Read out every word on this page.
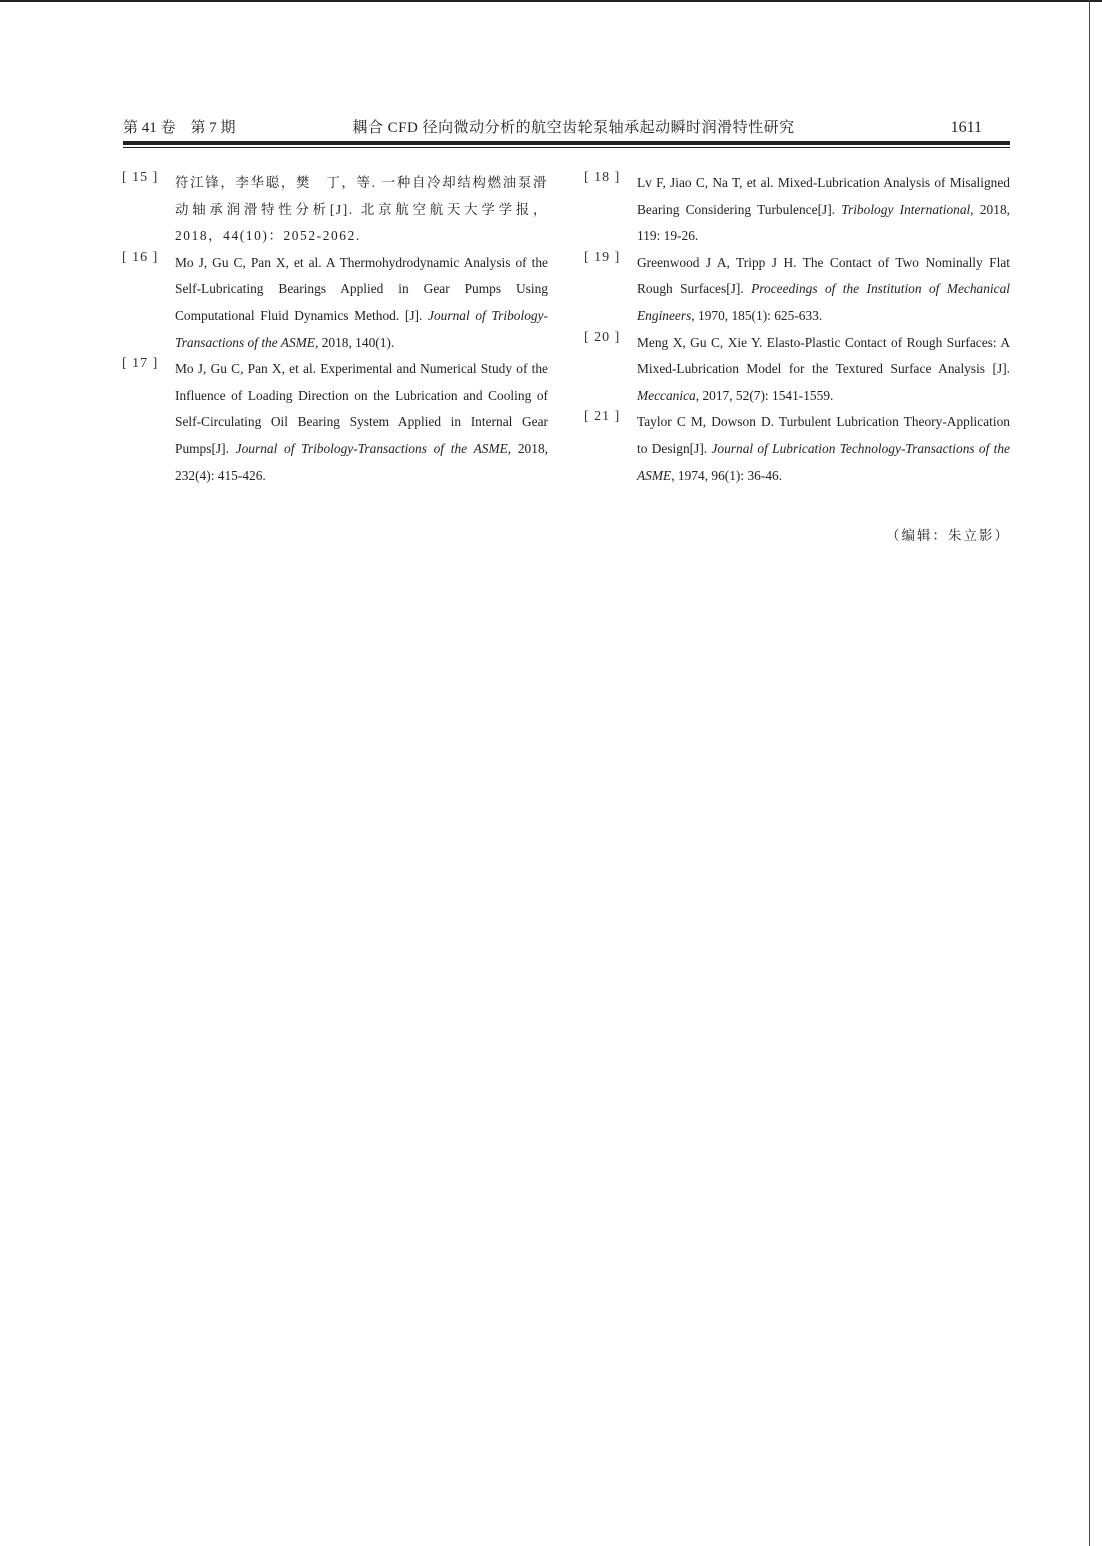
第 41 卷　第 7 期	耦合 CFD 径向微动分析的航空齿轮泵轴承起动瞬时润滑特性研究	1611
[ 15 ] 符江锋，李华聪，樊　丁，等. 一种自冷却结构燃油泵滑动轴承润滑特性分析[J]. 北京航空航天大学学报，2018，44(10)：2052-2062.
[ 16 ] Mo J, Gu C, Pan X, et al. A Thermohydrodynamic Analysis of the Self-Lubricating Bearings Applied in Gear Pumps Using Computational Fluid Dynamics Method. [J]. Journal of Tribology-Transactions of the ASME, 2018, 140(1).
[ 17 ] Mo J, Gu C, Pan X, et al. Experimental and Numerical Study of the Influence of Loading Direction on the Lubrication and Cooling of Self-Circulating Oil Bearing System Applied in Internal Gear Pumps[J]. Journal of Tribology-Transactions of the ASME, 2018, 232(4): 415-426.
[ 18 ] Lv F, Jiao C, Na T, et al. Mixed-Lubrication Analysis of Misaligned Bearing Considering Turbulence[J]. Tribology International, 2018, 119: 19-26.
[ 19 ] Greenwood J A, Tripp J H. The Contact of Two Nominally Flat Rough Surfaces[J]. Proceedings of the Institution of Mechanical Engineers, 1970, 185(1): 625-633.
[ 20 ] Meng X, Gu C, Xie Y. Elasto-Plastic Contact of Rough Surfaces: A Mixed-Lubrication Model for the Textured Surface Analysis [J]. Meccanica, 2017, 52(7): 1541-1559.
[ 21 ] Taylor C M, Dowson D. Turbulent Lubrication Theory-Application to Design[J]. Journal of Lubrication Technology-Transactions of the ASME, 1974, 96(1): 36-46.
（编辑：朱立影）
